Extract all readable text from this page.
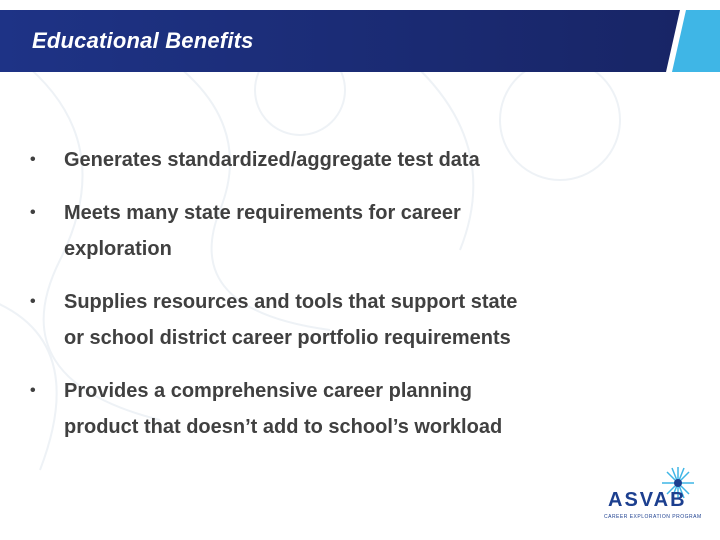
Educational Benefits
• Generates standardized/aggregate test data
• Meets many state requirements for career
exploration
• Supplies resources and tools that support state
or school district career portfolio requirements
• Provides a comprehensive career planning
product that doesn’t add to school’s workload
ASVAB
CAREER EXPLORATION PROGRAM
